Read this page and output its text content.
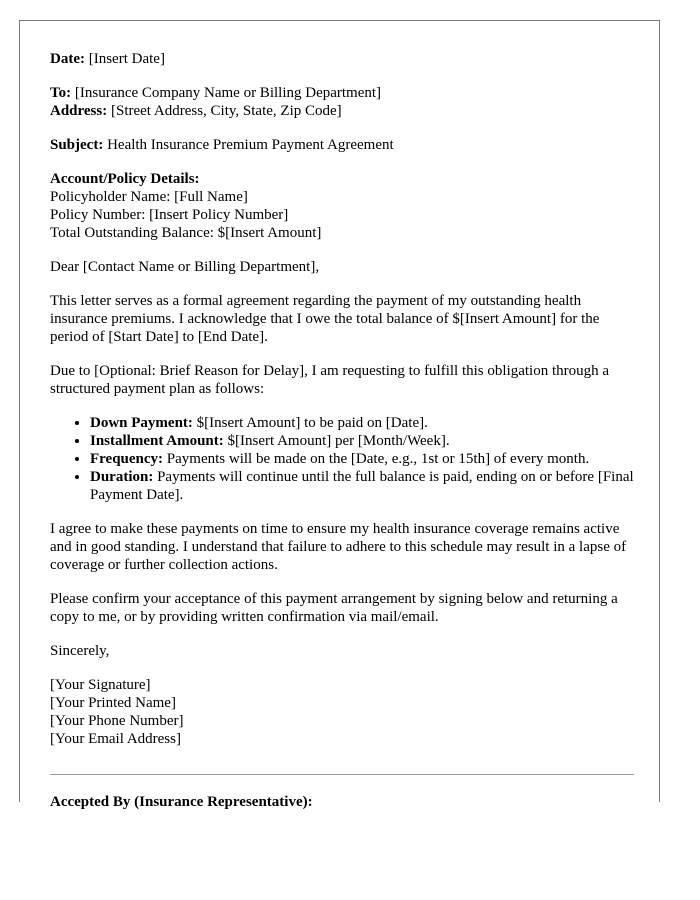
Date: [Insert Date]
To: [Insurance Company Name or Billing Department]
Address: [Street Address, City, State, Zip Code]
Subject: Health Insurance Premium Payment Agreement
Account/Policy Details:
Policyholder Name: [Full Name]
Policy Number: [Insert Policy Number]
Total Outstanding Balance: $[Insert Amount]

Dear [Contact Name or Billing Department],

This letter serves as a formal agreement regarding the payment of my outstanding health insurance premiums. I acknowledge that I owe the total balance of $[Insert Amount] for the period of [Start Date] to [End Date].

Due to [Optional: Brief Reason for Delay], I am requesting to fulfill this obligation through a structured payment plan as follows:

• Down Payment: $[Insert Amount] to be paid on [Date].
• Installment Amount: $[Insert Amount] per [Month/Week].
• Frequency: Payments will be made on the [Date, e.g., 1st or 15th] of every month.
• Duration: Payments will continue until the full balance is paid, ending on or before [Final Payment Date].

I agree to make these payments on time to ensure my health insurance coverage remains active and in good standing. I understand that failure to adhere to this schedule may result in a lapse of coverage or further collection actions.

Please confirm your acceptance of this payment arrangement by signing below and returning a copy to me, or by providing written confirmation via mail/email.

Sincerely,

[Your Signature]
[Your Printed Name]
[Your Phone Number]
[Your Email Address]
Accepted By (Insurance Representative):
